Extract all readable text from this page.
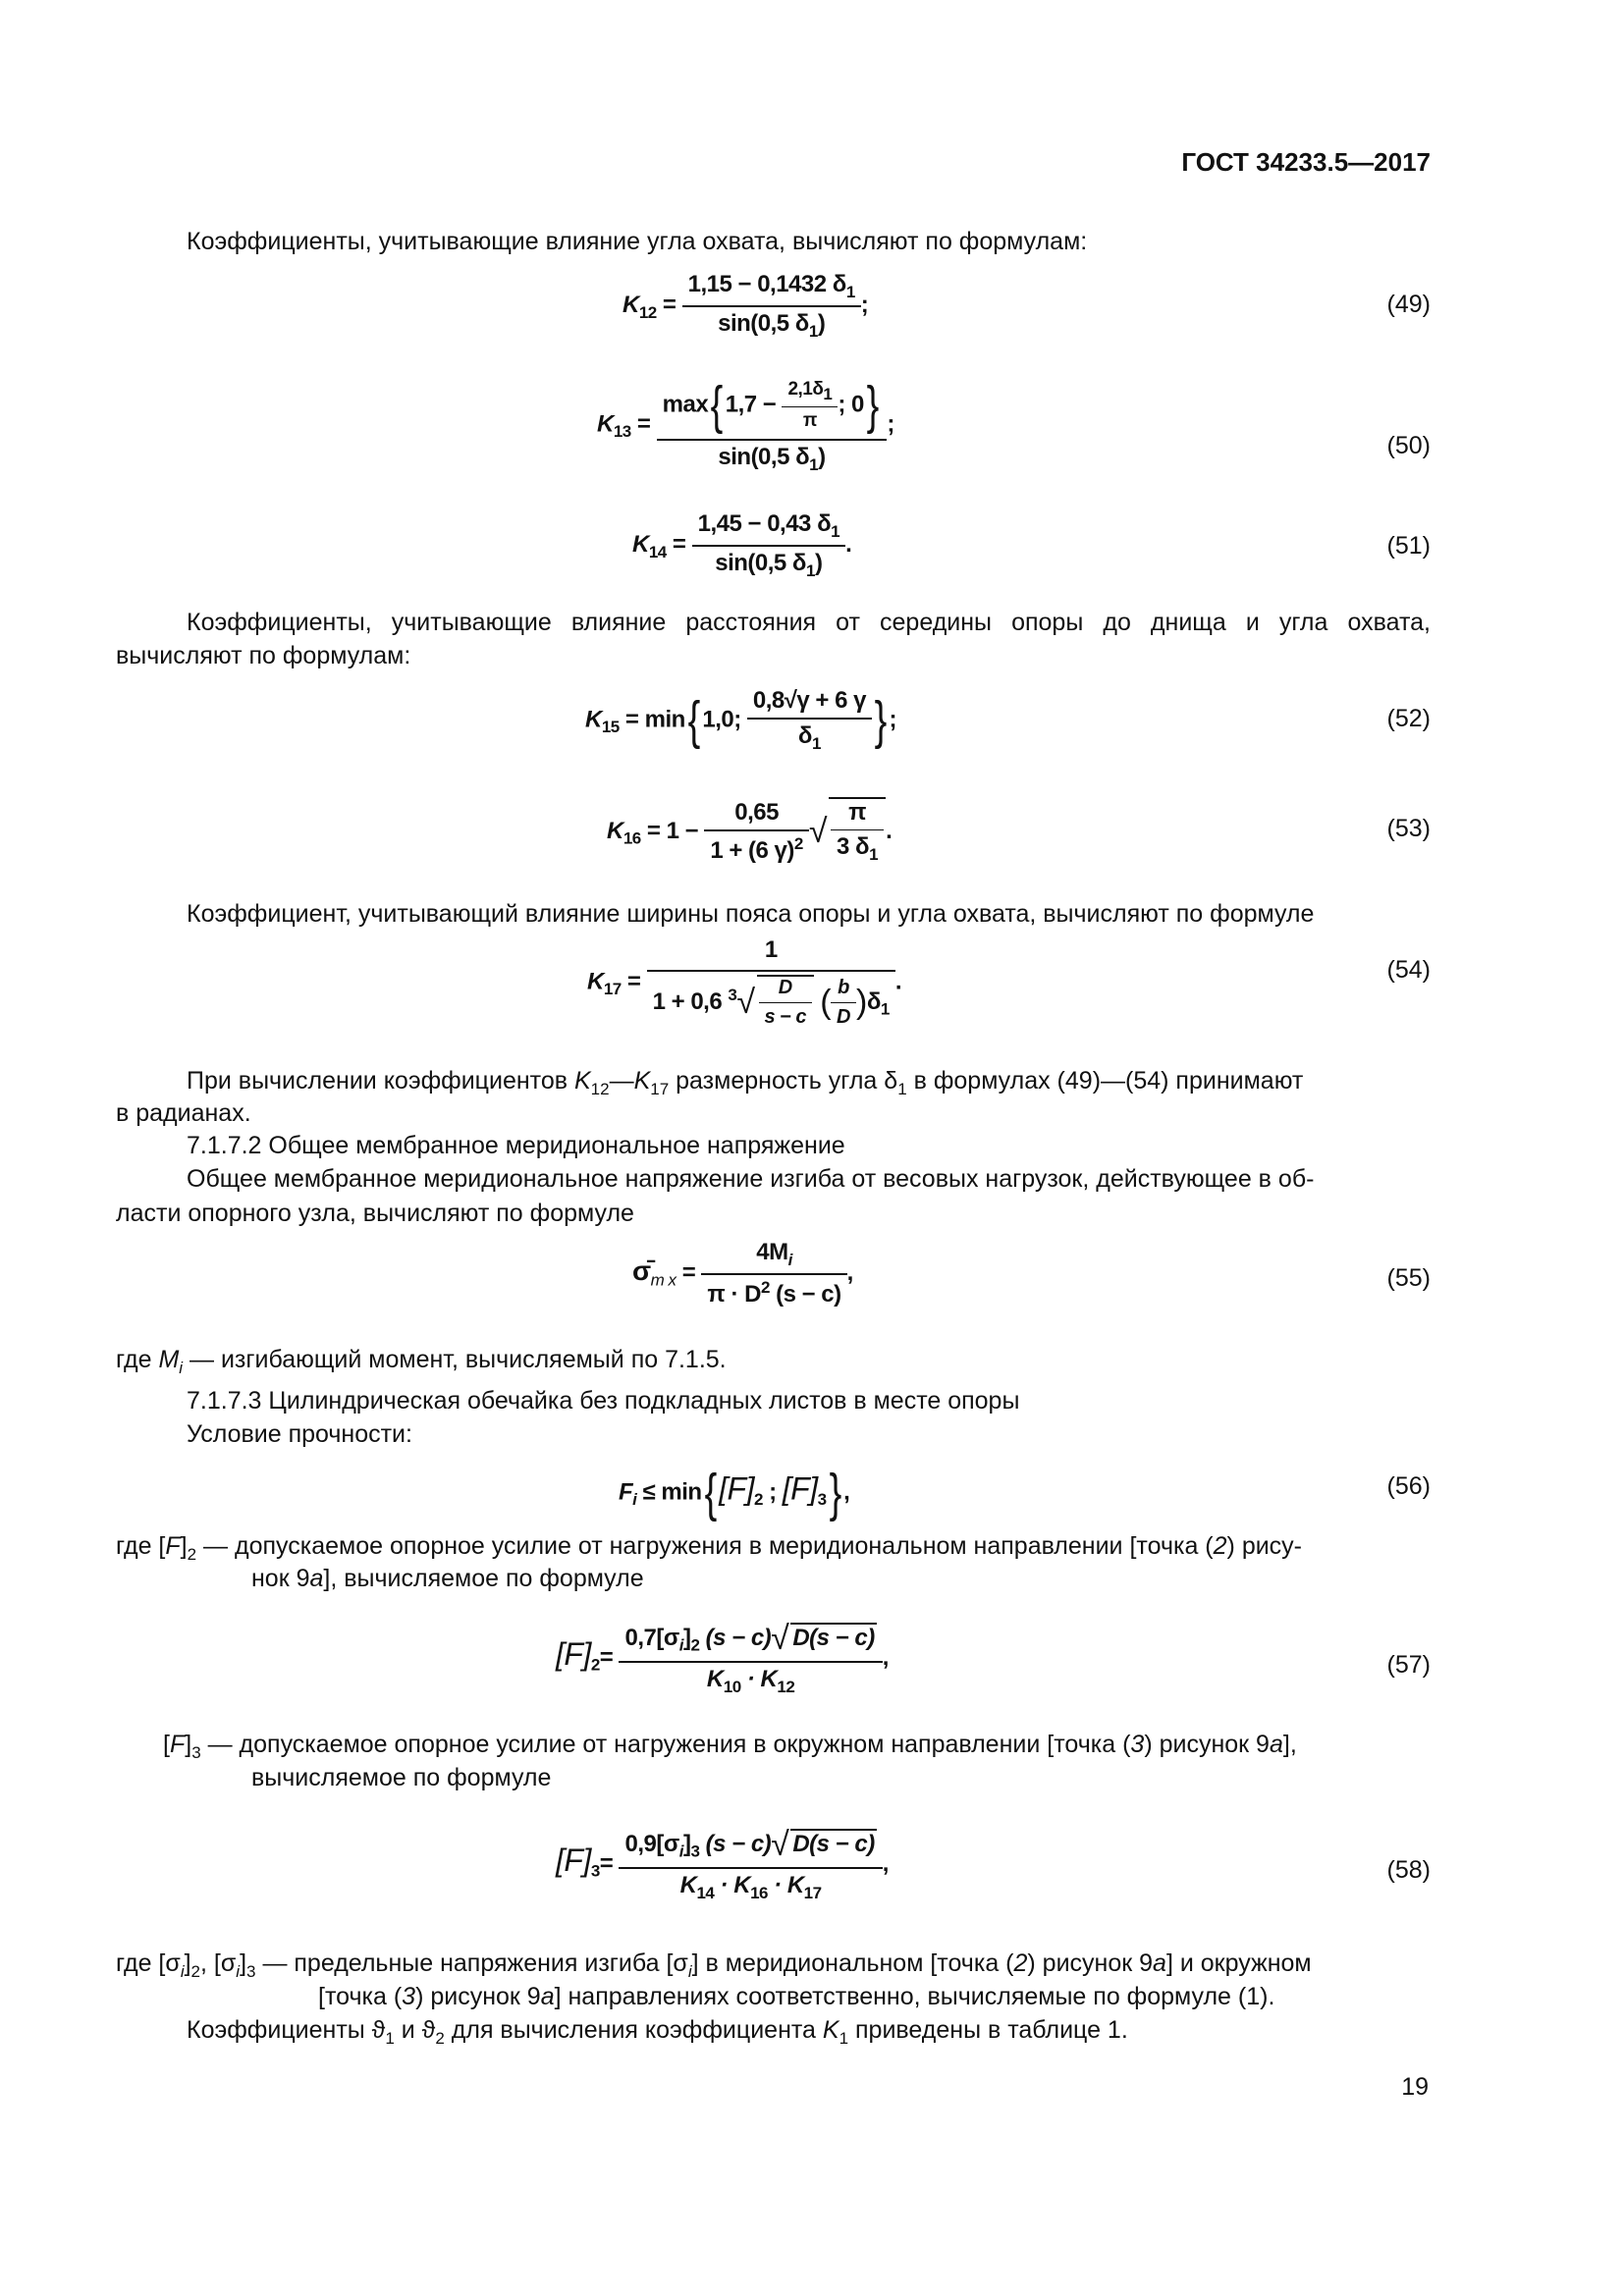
ГОСТ 34233.5—2017
Коэффициенты, учитывающие влияние угла охвата, вычисляют по формулам:
$K_{12} = \frac{1,15 - 0,1432 \delta_1}{\sin(0,5 \delta_1)}$ ;	(49)
$K_{13} = \frac{\max\{ 1,7 - \frac{2,1\delta_1}{\pi} ; 0\}}{\sin(0,5 \delta_1)}$ ;
(50)
$K_{14} = \frac{1,45 - 0,43 \delta_1}{\sin(0,5 \delta_1)}$ .	(51)
Коэффициенты, учитывающие влияние расстояния от середины опоры до днища и угла охвата,
вычисляют по формулам:
$K_{15} = \min${ 1,0; $\frac{0,8√\gamma + 6 \gamma}{\delta_1}$ } ;	(52)
$K_{16} = 1 - \frac{0,65}{1 + (6 \gamma)^2}$ √ $\frac{\pi}{3 \delta_1}$ .	(53)
Коэффициент, учитывающий влияние ширины пояса опоры и угла охвата, вычисляют по формуле
$K_{17} = \frac{1}{1 + 0,6 ^3√ \frac{D}{s - c} ( \frac{b}{D} )\delta_1}$ .	(54)
При вычислении коэффициентов $K_{12}—K_{17}$ размерность угла $\delta_1$ в формулах (49)—(54) принимают
в радианах.
7.1.7.2 Общее мембранное меридиональное напряжение
Общее мембранное меридиональное напряжение изгиба от весовых нагрузок, действующее в об-
ласти опорного узла, вычисляют по формуле
$\sigmā_{m x} = \frac{4M_i}{\pi \cdot D^2 (s - c)}$ ,	(55)
где $M_i$ — изгибающий момент, вычисляемый по 7.1.5.
7.1.7.3 Цилиндрическая обечайка без подкладных листов в месте опоры
Условие прочности:
$F_i \le \min\{[F]_2$ ; $[F]_3$} ,	(56)
где $[F]_2$ — допускаемое опорное усилие от нагружения в меридиональном направлении [точка (2) рису-
нок 9а], вычисляемое по формуле
$[F]_2= \frac{0,7[\sigma_i]_2 (s - c)√ D(s - c)}{K_{10} \cdot K_{12}}$ ,	(57)
$[F]_3$ — допускаемое опорное усилие от нагружения в окружном направлении [точка (3) рисунок 9а],
вычисляемое по формуле
$[F]_3= \frac{0,9[\sigma_i]_3 (s - c)√ D(s - c)}{K_{14} \cdot K_{16} \cdot K_{17}}$ ,	(58)
где $[\sigma_i]_2$, $[\sigma_i]_3$ — предельные напряжения изгиба $[\sigma_i]$ в меридиональном [точка (2) рисунок 9а] и окружном
[точка (3) рисунок 9а] направлениях соответственно, вычисляемые по формуле (1).
Коэффициенты $ϑ_1$ и $ϑ_2$ для вычисления коэффициента $K_1$ приведены в таблице 1.
19
